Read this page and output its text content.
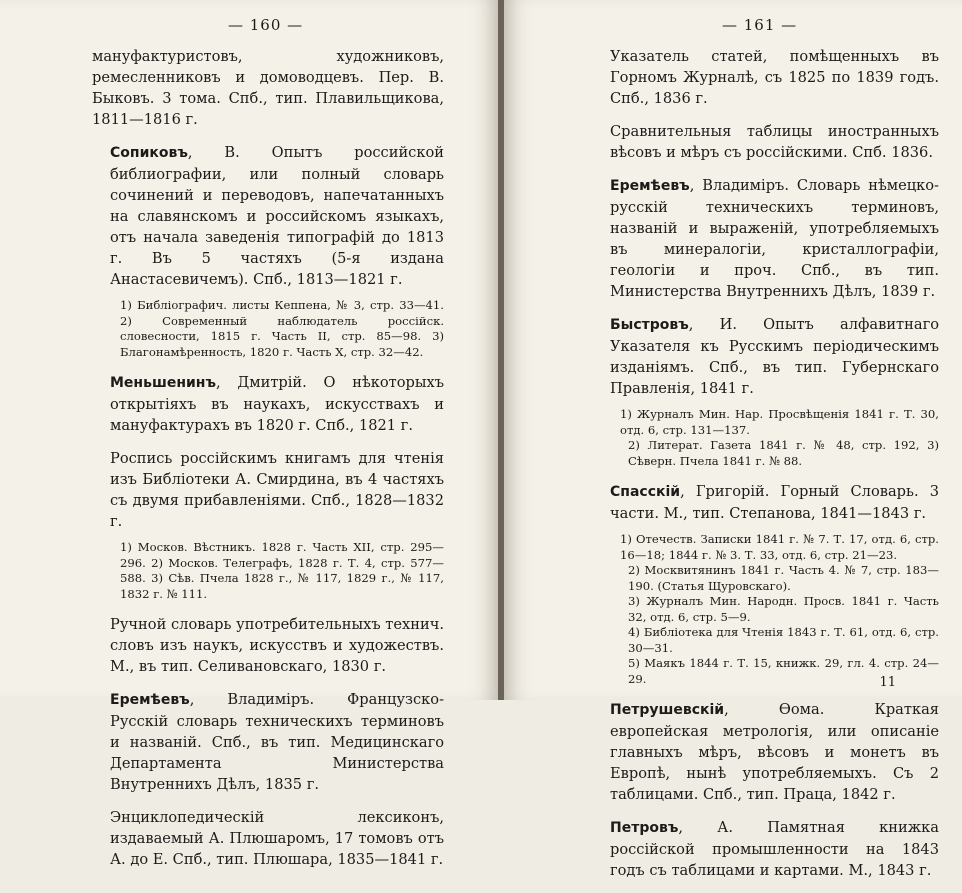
— 160 —

мануфактуристовъ, художниковъ, ремесленниковъ и домоводцевъ. Пер. В. Быковъ. 3 тома. Спб., тип. Плавильщикова, 1811—1816 г.

Сопиковъ, В. Опытъ российской библиографии, или полный словарь сочинений и переводовъ, напечатанныхъ на славянскомъ и российскомъ языкахъ, отъ начала заведенія типографій до 1813 г. Въ 5 частяхъ (5-я издана Анастасевичемъ). Спб., 1813—1821 г.

1) Библіографич. листы Кеппена, № 3, стр. 33—41. 2) Современный наблюдатель россійск. словесности, 1815 г. Часть II, стр. 85—98. 3) Благонамѣренность, 1820 г. Часть X, стр. 32—42.

Меньшенинъ, Дмитрій. О нѣкоторыхъ открытіяхъ въ наукахъ, искусствахъ и мануфактурахъ въ 1820 г. Спб., 1821 г.

Роспись россійскимъ книгамъ для чтенія изъ Библіотеки А. Смирдина, въ 4 частяхъ съ двумя прибавленіями. Спб., 1828—1832 г.

1) Москов. Вѣстникъ. 1828 г. Часть XII, стр. 295—296. 2) Москов. Телеграфъ, 1828 г. Т. 4, стр. 577—588. 3) Сѣв. Пчела 1828 г., № 117, 1829 г., № 117, 1832 г. № 111.

Ручной словарь употребительныхъ технич. словъ изъ наукъ, искусствъ и художествъ. М., въ тип. Селивановскаго, 1830 г.

Еремѣевъ, Владиміръ. Французско-Русскій словарь техническихъ терминовъ и названій. Спб., въ тип. Медицинскаго Департамента Министерства Внутреннихъ Дѣлъ, 1835 г.

Энциклопедическій лексиконъ, издаваемый А. Плюшаромъ, 17 томовъ отъ А. до Е. Спб., тип. Плюшара, 1835—1841 г.

— 161 —

Указатель статей, помѣщенныхъ въ Горномъ Журналѣ, съ 1825 по 1839 годъ. Спб., 1836 г.

Сравнительныя таблицы иностранныхъ вѣсовъ и мѣръ съ россійскими. Спб. 1836.

Еремѣевъ, Владиміръ. Словарь нѣмецко-русскій техническихъ терминовъ, названій и выраженій, употребляемыхъ въ минералогіи, кристаллографіи, геологіи и проч. Спб., въ тип. Министерства Внутреннихъ Дѣлъ, 1839 г.

Быстровъ, И. Опытъ алфавитнаго Указателя къ Русскимъ періодическимъ изданіямъ. Спб., въ тип. Губернскаго Правленія, 1841 г.

1) Журналъ Мин. Нар. Просвѣщенія 1841 г. Т. 30, отд. 6, стр. 131—137.
2) Литерат. Газета 1841 г. № 48, стр. 192, 3) Сѣверн. Пчела 1841 г. № 88.

Спасскій, Григорій. Горный Словарь. 3 части. М., тип. Степанова, 1841—1843 г.

1) Отечеств. Записки 1841 г. № 7. Т. 17, отд. 6, стр. 16—18; 1844 г. № 3. Т. 33, отд. 6, стр. 21—23.
2) Москвитянинъ 1841 г. Часть 4. № 7, стр. 183—190. (Статья Щуровскаго).
3) Журналъ Мин. Народн. Просв. 1841 г. Часть 32, отд. 6, стр. 5—9.
4) Библіотека для Чтенія 1843 г. Т. 61, отд. 6, стр. 30—31.
5) Маякъ 1844 г. Т. 15, книжк. 29, гл. 4. стр. 24—29.

Петрушевскій, Ѳома. Краткая европейская метрологія, или описаніе главныхъ мѣръ, вѣсовъ и монетъ въ Европѣ, нынѣ употребляемыхъ. Съ 2 таблицами. Спб., тип. Праца, 1842 г.

Петровъ, А. Памятная книжка россійской промышленности на 1843 годъ съ таблицами и картами. М., 1843 г.

11
